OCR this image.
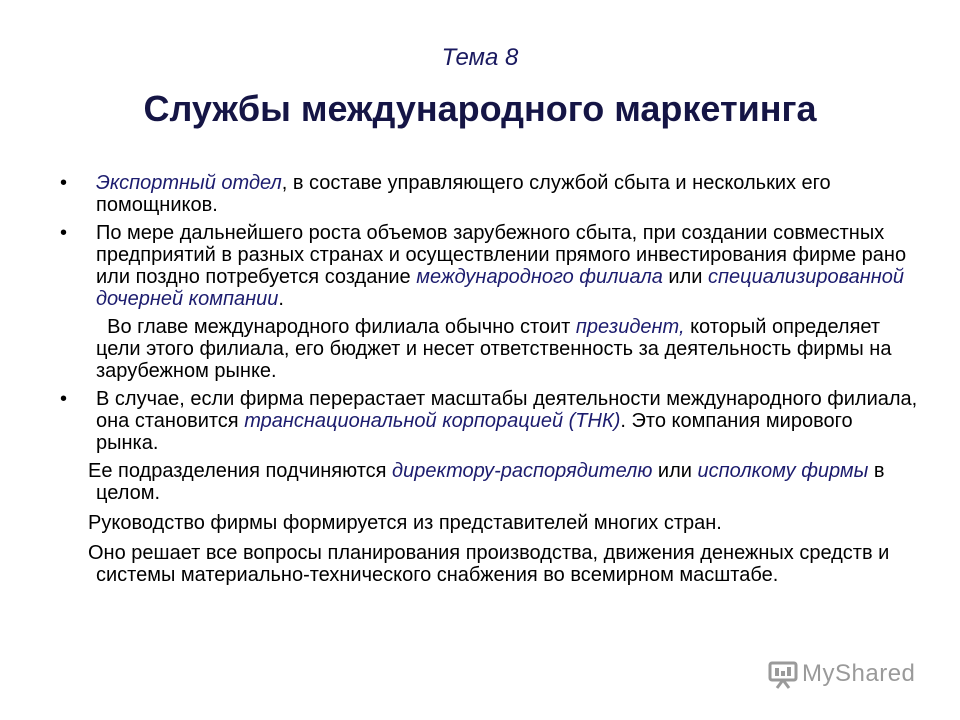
Тема 8
Службы международного маркетинга
• Экспортный отдел, в составе управляющего службой сбыта и нескольких его помощников.
• По мере дальнейшего роста объемов зарубежного сбыта, при создании совместных предприятий в разных странах и осуществлении прямого инвестирования фирме рано или поздно потребуется создание международного филиала или специализированной дочерней компании.
Во главе международного филиала обычно стоит президент, который определяет цели этого филиала, его бюджет и несет ответственность за деятельность фирмы на зарубежном рынке.
• В случае, если фирма перерастает масштабы деятельности международного филиала, она становится транснациональной корпорацией (ТНК). Это компания мирового рынка.
Ее подразделения подчиняются директору-распорядителю или исполкому фирмы в целом.
Руководство фирмы формируется из представителей многих стран.
Оно решает все вопросы планирования производства, движения денежных средств и системы материально-технического снабжения во всемирном масштабе.
MyShared
